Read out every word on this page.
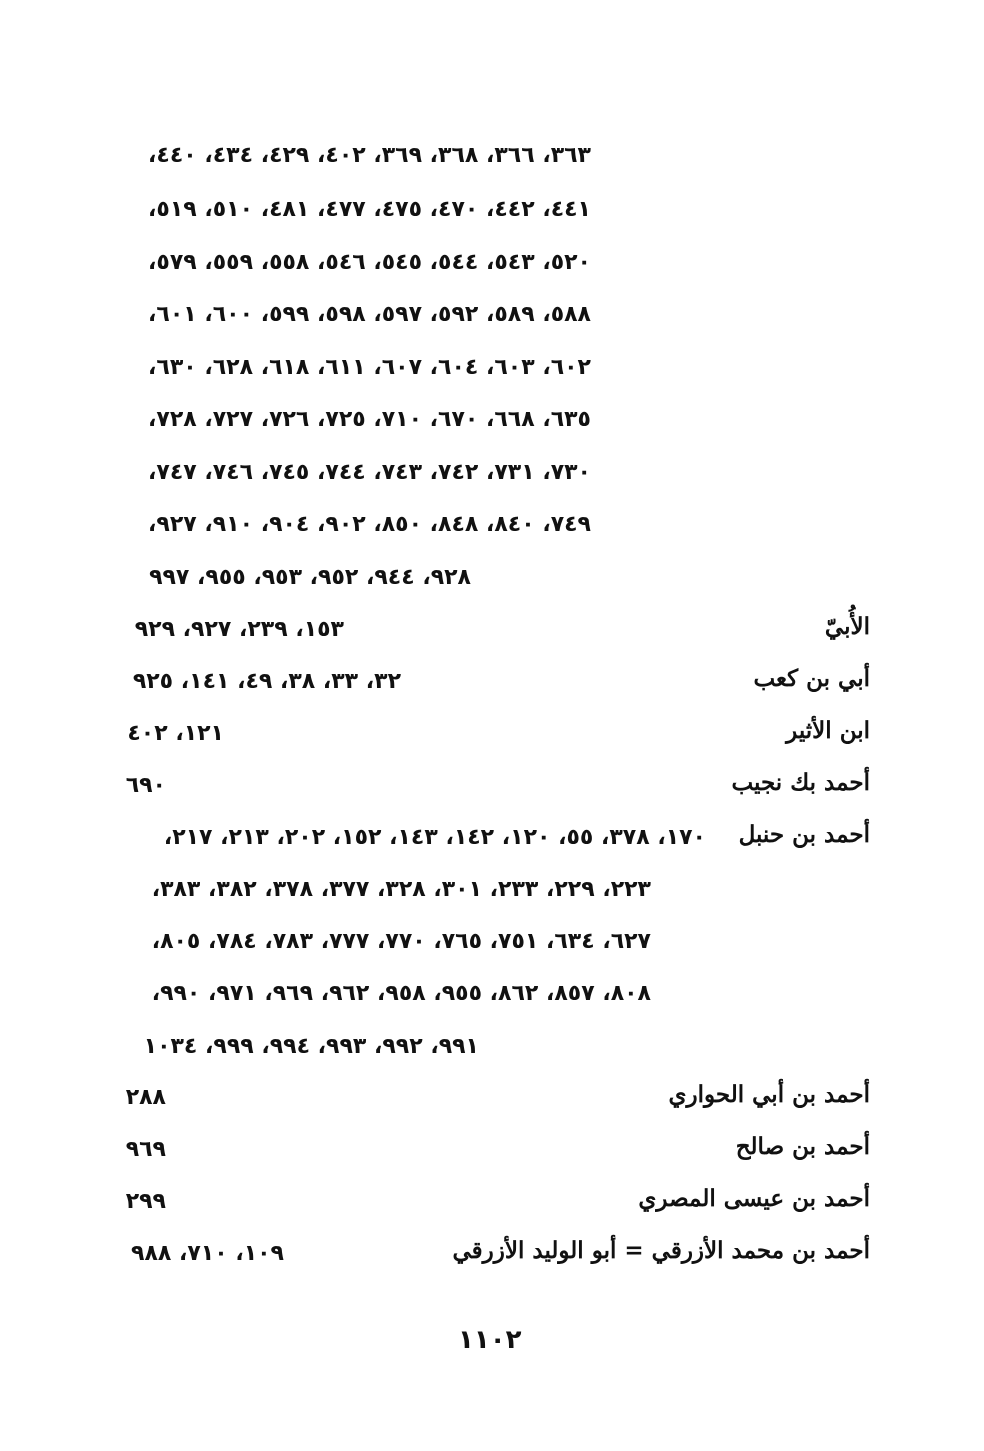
٣٦٣، ٣٦٦، ٣٦٨، ٣٦٩، ٤٠٢، ٤٢٩، ٤٣٤، ٤٤٠،
٤٤١، ٤٤٢، ٤٧٠، ٤٧٥، ٤٧٧، ٤٨١، ٥١٠، ٥١٩،
٥٢٠، ٥٤٣، ٥٤٤، ٥٤٥، ٥٤٦، ٥٥٨، ٥٥٩، ٥٧٩،
٥٨٨، ٥٨٩، ٥٩٢، ٥٩٧، ٥٩٨، ٥٩٩، ٦٠٠، ٦٠١،
٦٠٢، ٦٠٣، ٦٠٤، ٦٠٧، ٦١١، ٦١٨، ٦٢٨، ٦٣٠،
٦٣٥، ٦٦٨، ٦٧٠، ٧١٠، ٧٢٥، ٧٢٦، ٧٢٧، ٧٢٨،
٧٣٠، ٧٣١، ٧٤٢، ٧٤٣، ٧٤٤، ٧٤٥، ٧٤٦، ٧٤٧،
٧٤٩، ٨٤٠، ٨٤٨، ٨٥٠، ٩٠٢، ٩٠٤، ٩١٠، ٩٢٧،
٩٢٨، ٩٤٤، ٩٥٢، ٩٥٣، ٩٥٥، ٩٩٧
الأُبيّ
١٥٣، ٢٣٩، ٩٢٧، ٩٢٩
أبي بن كعب
٣٢، ٣٣، ٣٨، ٤٩، ١٤١، ٩٢٥
ابن الأثير
١٢١، ٤٠٢
أحمد بك نجيب
٦٩٠
أحمد بن حنبل
١٧٠، ٣٧٨، ٥٥، ١٢٠، ١٤٢، ١٤٣، ١٥٢، ٢٠٢، ٢١٣، ٢١٧،
٢٢٣، ٢٢٩، ٢٣٣، ٣٠١، ٣٢٨، ٣٧٧، ٣٧٨، ٣٨٢، ٣٨٣،
٦٢٧، ٦٣٤، ٧٥١، ٧٦٥، ٧٧٠، ٧٧٧، ٧٨٣، ٧٨٤، ٨٠٥،
٨٠٨، ٨٥٧، ٨٦٢، ٩٥٥، ٩٥٨، ٩٦٢، ٩٦٩، ٩٧١، ٩٩٠،
٩٩١، ٩٩٢، ٩٩٣، ٩٩٤، ٩٩٩، ١٠٣٤
أحمد بن أبي الحواري
٢٨٨
أحمد بن صالح
٩٦٩
أحمد بن عيسى المصري
٢٩٩
أحمد بن محمد الأزرقي = أبو الوليد الأزرقي
١٠٩، ٧١٠، ٩٨٨
١١٠٢
